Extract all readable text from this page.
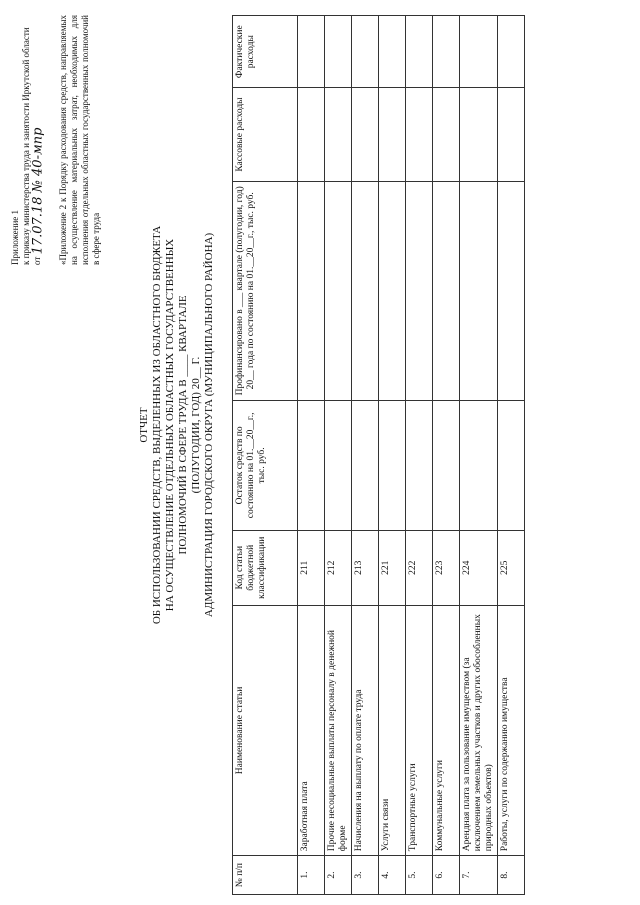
Приложение 1 к приказу министерства труда и занятости Иркутской области от 17.07.18 № 40-мпр «Приложение 2 к Порядку расходования средств, направляемых на осуществление материальных затрат, необходимых для исполнения отдельных областных государственных полномочий в сфере труда
ОТЧЕТ ОБ ИСПОЛЬЗОВАНИИ СРЕДСТВ, ВЫДЕЛЕННЫХ ИЗ ОБЛАСТНОГО БЮДЖЕТА НА ОСУЩЕСТВЛЕНИЕ ОТДЕЛЬНЫХ ОБЛАСТНЫХ ГОСУДАРСТВЕННЫХ ПОЛНОМОЧИЙ В СФЕРЕ ТРУДА В ____ КВАРТАЛЕ (ПОЛУГОДИИ, ГОД) 20__ Г. АДМИНИСТРАЦИЯ ГОРОДСКОГО ОКРУГА (МУНИЦИПАЛЬНОГО РАЙОНА)
№ п/п	Наименование статьи	Код статьи бюджетной классификации	Остаток средств по состоянию на 01.__20__г., тыс. руб.	Профинансировано в ___ квартале (полугодии, год) 20__ года по состоянию на 01.__20__г., тыс. руб.	Кассовые расходы	Фактические расходы
1.	Заработная плата	211				
2.	Прочие несоциальные выплаты персоналу в денежной форме	212				
3.	Начисления на выплату по оплате труда	213				
4.	Услуги связи	221				
5.	Транспортные услуги	222				
6.	Коммунальные услуги	223				
7.	Арендная плата за пользование имуществом (за исключением земельных участков и других обособленных природных объектов)	224				
8.	Работы, услуги по содержанию имущества	225				
